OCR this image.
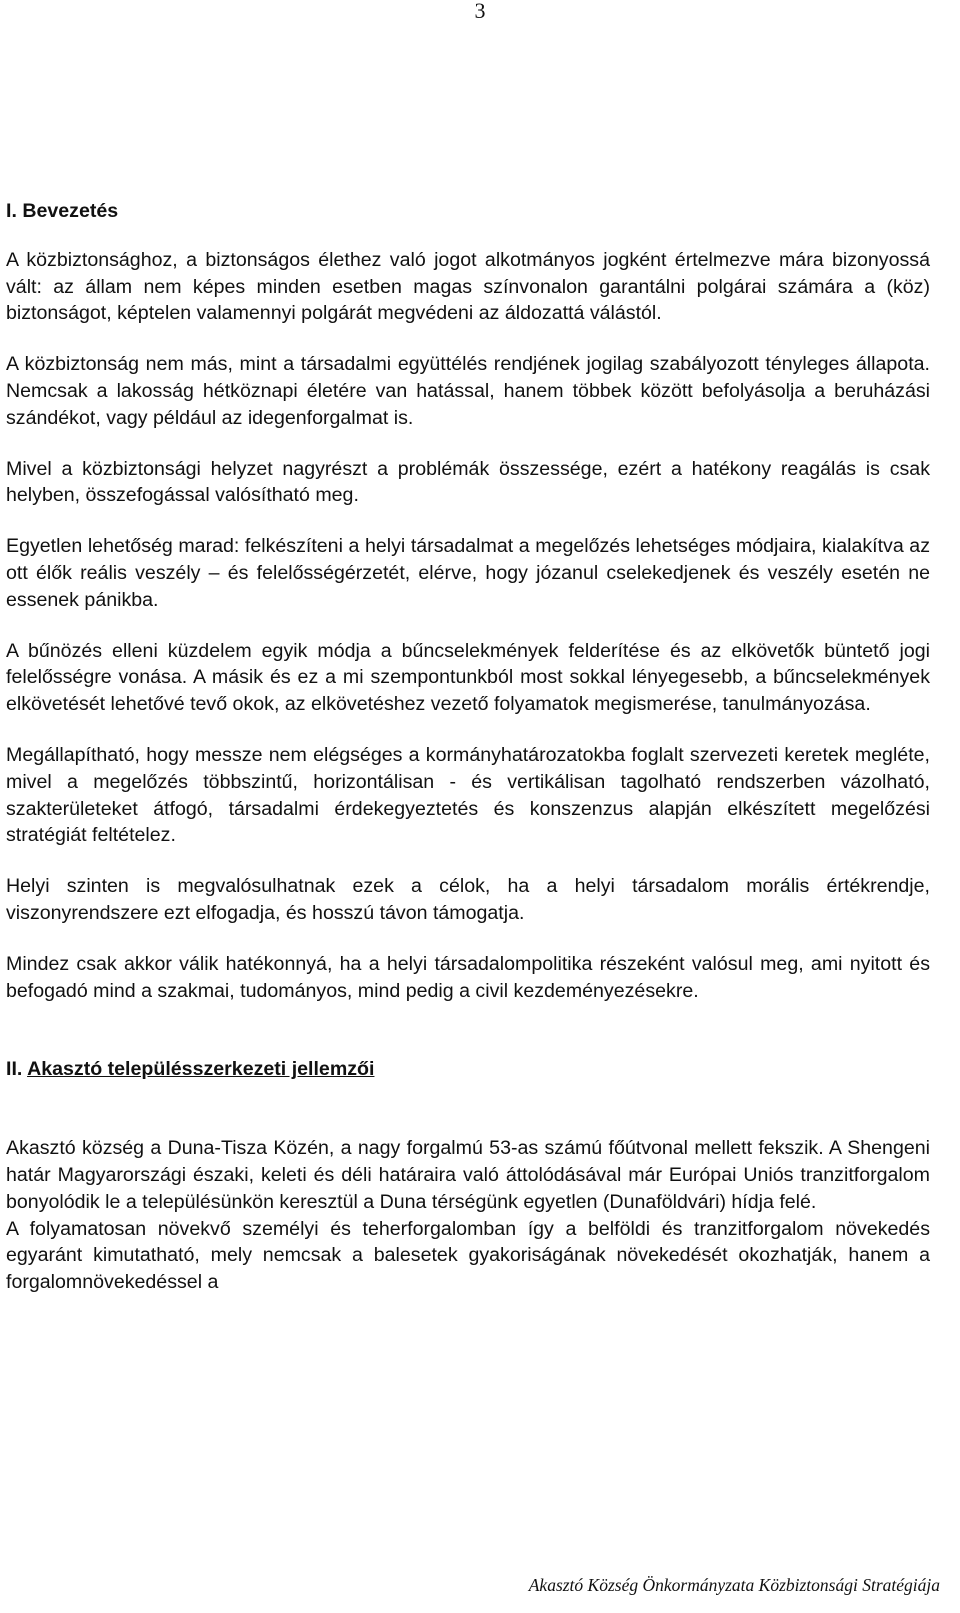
3

I. Bevezetés

A közbiztonsághoz, a biztonságos élethez való jogot alkotmányos jogként értelmezve mára bizonyossá vált: az állam nem képes minden esetben magas színvonalon garantálni polgárai számára a (köz) biztonságot, képtelen valamennyi polgárát megvédeni az áldozattá válástól.

A közbiztonság nem más, mint a társadalmi együttélés rendjének jogilag szabályozott tényleges állapota. Nemcsak a lakosság hétköznapi életére van hatással, hanem többek között befolyásolja a beruházási szándékot, vagy például az idegenforgalmat is.

Mivel a közbiztonsági helyzet nagyrészt a problémák összessége, ezért a hatékony reagálás is csak helyben, összefogással valósítható meg.

Egyetlen lehetőség marad: felkészíteni a helyi társadalmat a megelőzés lehetséges módjaira, kialakítva az ott élők reális veszély – és felelősségérzetét, elérve, hogy józanul cselekedjenek és veszély esetén ne essenek pánikba.

A bűnözés elleni küzdelem egyik módja a bűncselekmények felderítése és az elkövetők büntető jogi felelősségre vonása. A másik és ez a mi szempontunkból most sokkal lényegesebb, a bűncselekmények elkövetését lehetővé tevő okok, az elkövetéshez vezető folyamatok megismerése, tanulmányozása.

Megállapítható, hogy messze nem elégséges a kormányhatározatokba foglalt szervezeti keretek megléte, mivel a megelőzés többszintű, horizontálisan - és vertikálisan tagolható rendszerben vázolható, szakterületeket átfogó, társadalmi érdekegyeztetés és konszenzus alapján elkészített megelőzési stratégiát feltételez.

Helyi szinten is megvalósulhatnak ezek a célok, ha a helyi társadalom morális értékrendje, viszonyrendszere ezt elfogadja, és hosszú távon támogatja.

Mindez csak akkor válik hatékonnyá, ha a helyi társadalompolitika részeként valósul meg, ami nyitott és befogadó mind a szakmai, tudományos, mind pedig a civil kezdeményezésekre.

II. Akasztó településszerkezeti jellemzői

Akasztó község a Duna-Tisza Közén, a nagy forgalmú 53-as számú főútvonal mellett fekszik. A Shengeni határ Magyarországi északi, keleti és déli határaira való áttolódásával már Európai Uniós tranzitforgalom bonyolódik le a településünkön keresztül a Duna térségünk egyetlen (Dunaföldvári) hídja felé.

A folyamatosan növekvő személyi és teherforgalomban így a belföldi és tranzitforgalom növekedés egyaránt kimutatható, mely nemcsak a balesetek gyakoriságának növekedését okozhatják, hanem a forgalomnövekedéssel a

Akasztó Község Önkormányzata Közbiztonsági Stratégiája
